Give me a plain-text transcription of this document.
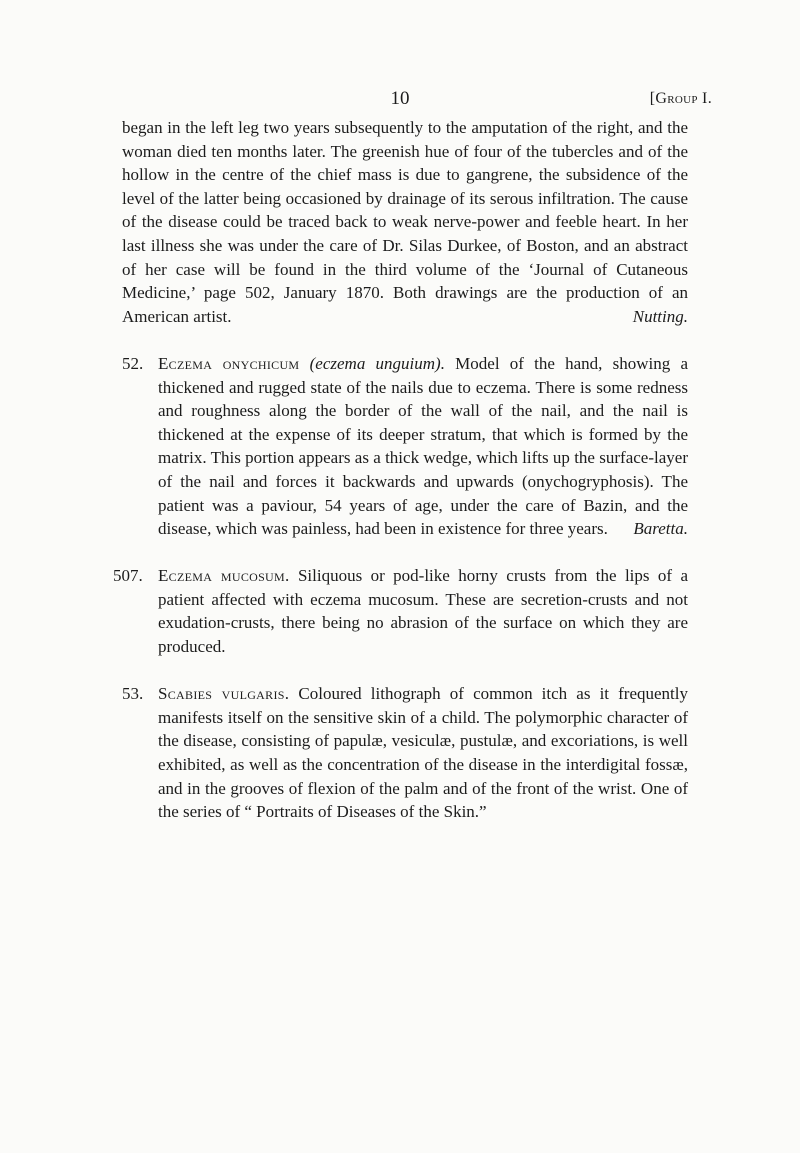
10	[Group I.

began in the left leg two years subsequently to the amputation of the right, and the woman died ten months later. The greenish hue of four of the tubercles and of the hollow in the centre of the chief mass is due to gangrene, the subsidence of the level of the latter being occasioned by drainage of its serous infiltration. The cause of the disease could be traced back to weak nerve-power and feeble heart. In her last illness she was under the care of Dr. Silas Durkee, of Boston, and an abstract of her case will be found in the third volume of the ‘Journal of Cutaneous Medicine,’ page 502, January 1870. Both drawings are the production of an American artist.	Nutting.

52. Eczema onychicum (eczema unguium). Model of the hand, showing a thickened and rugged state of the nails due to eczema. There is some redness and roughness along the border of the wall of the nail, and the nail is thickened at the expense of its deeper stratum, that which is formed by the matrix. This portion appears as a thick wedge, which lifts up the surface-layer of the nail and forces it backwards and upwards (onychogryphosis). The patient was a paviour, 54 years of age, under the care of Bazin, and the disease, which was painless, had been in existence for three years. Baretta.

507. Eczema mucosum. Siliquous or pod-like horny crusts from the lips of a patient affected with eczema mucosum. These are secretion-crusts and not exudation-crusts, there being no abrasion of the surface on which they are produced.

53. Scabies vulgaris. Coloured lithograph of common itch as it frequently manifests itself on the sensitive skin of a child. The polymorphic character of the disease, consisting of papulæ, vesiculæ, pustulæ, and excoriations, is well exhibited, as well as the concentration of the disease in the interdigital fossæ, and in the grooves of flexion of the palm and of the front of the wrist. One of the series of “ Portraits of Diseases of the Skin.”
